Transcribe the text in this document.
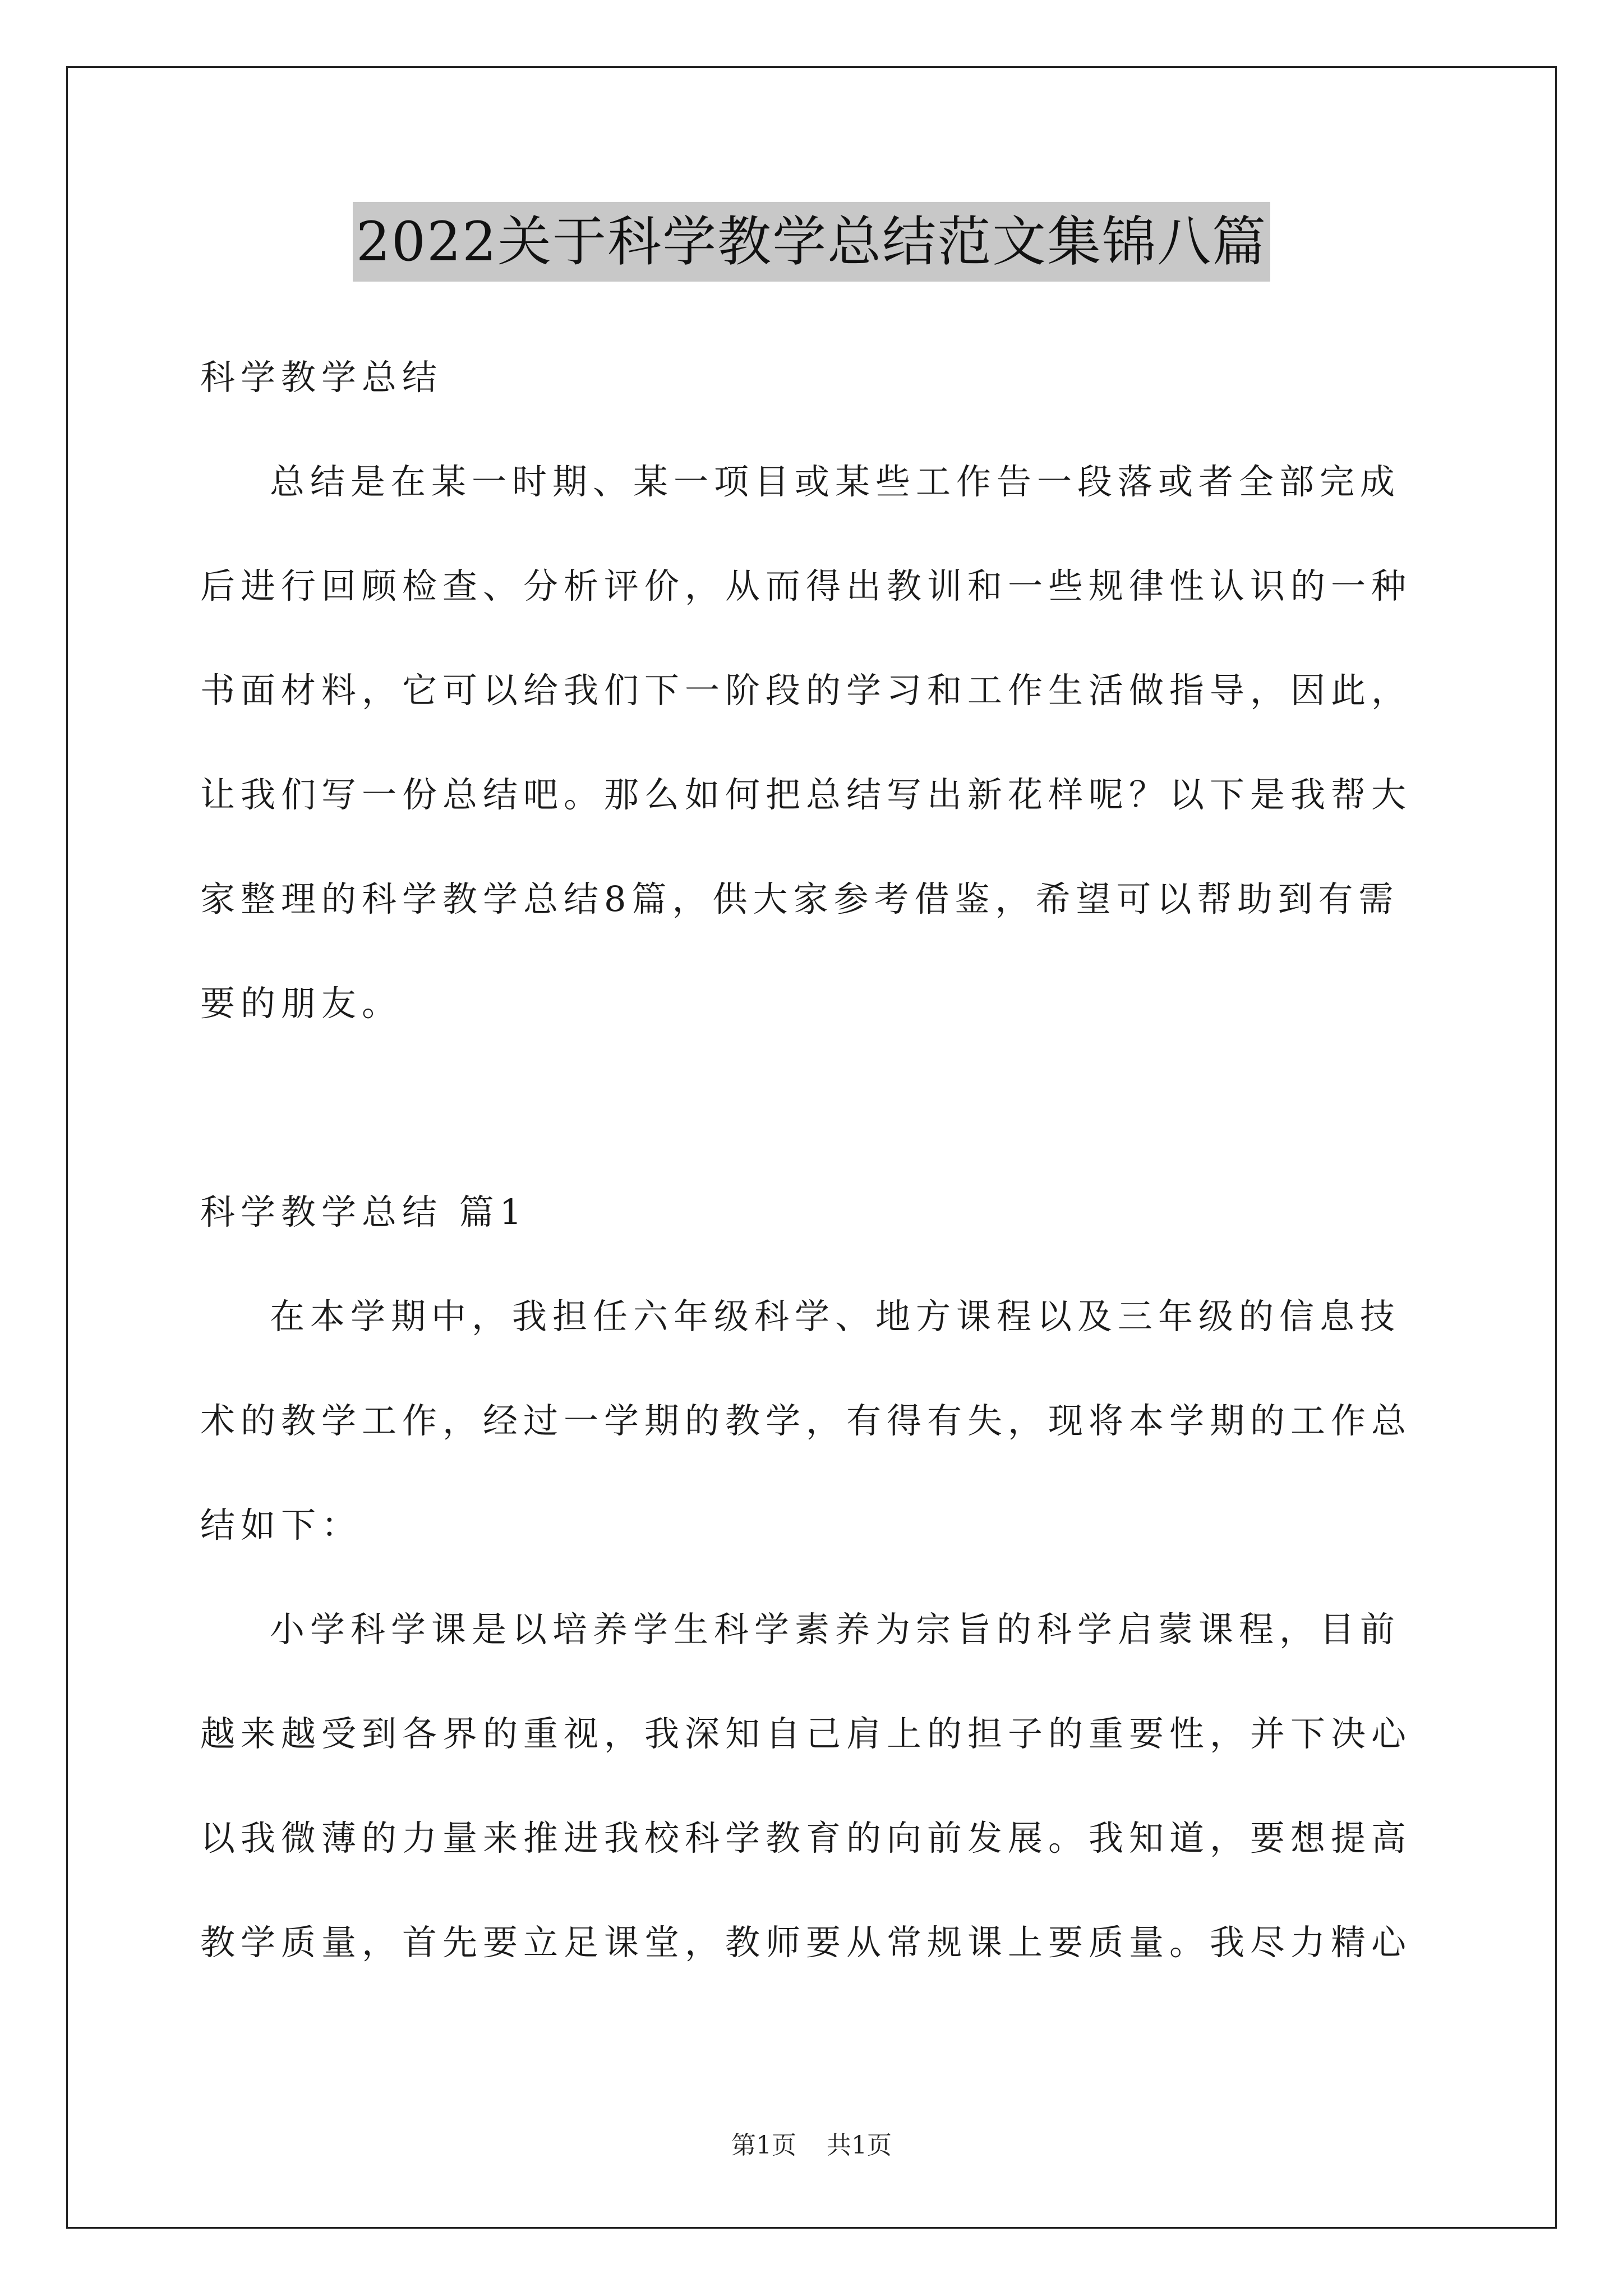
2022关于科学教学总结范文集锦八篇

科学教学总结

总结是在某一时期、某一项目或某些工作告一段落或者全部完成后进行回顾检查、分析评价，从而得出教训和一些规律性认识的一种书面材料，它可以给我们下一阶段的学习和工作生活做指导，因此，让我们写一份总结吧。那么如何把总结写出新花样呢？以下是我帮大家整理的科学教学总结8篇，供大家参考借鉴，希望可以帮助到有需要的朋友。

科学教学总结 篇1

在本学期中，我担任六年级科学、地方课程以及三年级的信息技术的教学工作，经过一学期的教学，有得有失，现将本学期的工作总结如下：

小学科学课是以培养学生科学素养为宗旨的科学启蒙课程，目前越来越受到各界的重视，我深知自己肩上的担子的重要性，并下决心以我微薄的力量来推进我校科学教育的向前发展。我知道，要想提高教学质量，首先要立足课堂，教师要从常规课上要质量。我尽力精心

第1页 共1页
